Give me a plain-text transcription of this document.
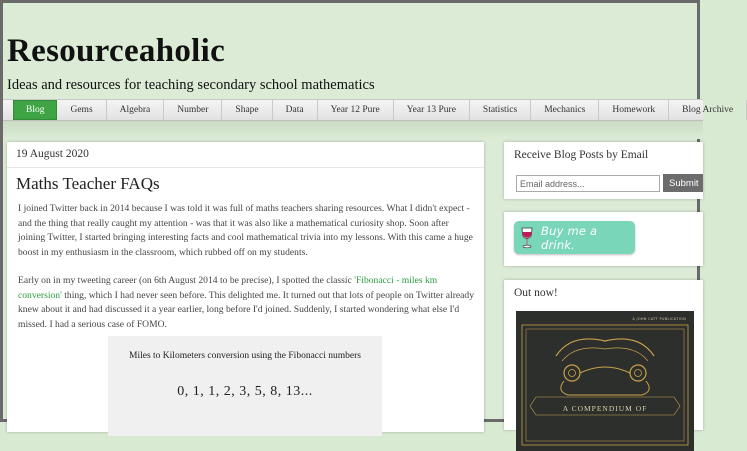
Resourceaholic
Ideas and resources for teaching secondary school mathematics
Blog	Gems	Algebra	Number	Shape	Data	Year 12 Pure	Year 13 Pure	Statistics	Mechanics	Homework	Blog Archive
19 August 2020
Maths Teacher FAQs

I joined Twitter back in 2014 because I was told it was full of maths teachers sharing resources. What I didn't expect - and the thing that really caught my attention - was that it was also like a mathematical curiosity shop. Soon after joining Twitter, I started bringing interesting facts and cool mathematical trivia into my lessons. With this came a huge boost in my enthusiasm in the classroom, which rubbed off on my students.

Early on in my tweeting career (on 6th August 2014 to be precise), I spotted the classic 'Fibonacci - miles km conversion' thing, which I had never seen before. This delighted me. It turned out that lots of people on Twitter already knew about it and had discussed it a year earlier, long before I'd joined. Suddenly, I started wondering what else I'd missed. I had a serious case of FOMO.

Miles to Kilometers conversion using the Fibonacci numbers
0, 1, 1, 2, 3, 5, 8, 13...
Receive Blog Posts by Email
Email address...
Submit
Buy me a drink.
Out now!
A JOHN CATT PUBLICATION
A COMPENDIUM OF
